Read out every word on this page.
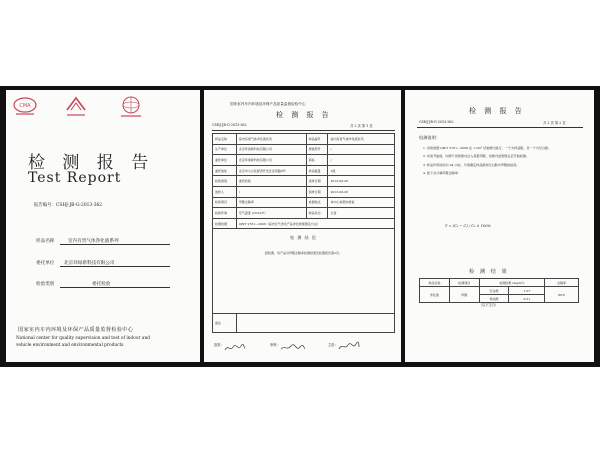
CMA
检 测 报 告
Test Report
报告编号：CSHJ-JB-G-2013-362
样品名称	室内有害气体净化液系列
委托单位 北京环绿新科技有限公司
检验类别	委托检验
国家室内车内环境及环保产品质量监督检验中心
National center for quality supervision and test of indoor and
vehicle environment and environmental products
国家室内车内环境及环保产品质量监督检验中心
检 测 报 告
CSHJ-JB-G-2013-362	共 2 页 第 1 页
样品名称	室内有害气体净化液系列	样品编号	室内有害气体净化液系列
生产单位	北京环绿新科技有限公司	规格型号	/
委托单位	北京环绿新科技有限公司	商标	/
委托地址	北京市大兴区经济开发区金苑路8号	样品数量	1瓶
检验类别	委托检验	送样日期	2013-09-28
送样人	/	到样日期	2013-09-28
检验项目	甲醛去除率	检测地点	本中心检测实验室
检验环境	空气温度 (23±2)℃	样品状态	正常
检测依据	QB/T 2761—2006《室内空气净化产品净化效果测定方法》		

检 测 结 论
经检测，该产品对甲醛去除率检测结果见检测报告第2页。			

备注			
批准：	审核：	主检：
检 测 报 告
CSHJ-JB-G-2013-362	共 2 页 第 2 页
检测说明：
1. 试验依据 QB/T 2761—2006 在 1.5m³ 试验舱内进行，一个为样品舱，另一个为空白舱。
2. 实验开始前，向两个试验舱内注入等量甲醛，待舱内浓度稳定后开始检测。
3. 样品作用时间为 24 小时，分别测定样品舱和空白舱中甲醛的浓度。
4. 按下式计算甲醛去除率：
Y = (C₀ − C) / C₀ × 100%
检 测 结 果
样品名称	检测项目	检测结果 (mg/m³)		去除率
净化液	甲醛	空白舱	1.07	80%
		样品舱	0.21	
（以下空白）
